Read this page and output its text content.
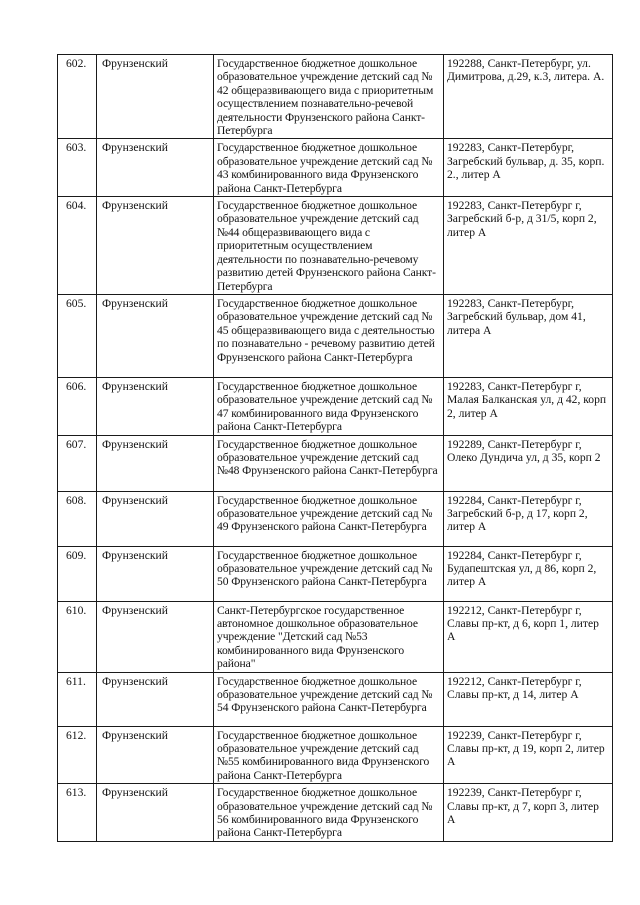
602.	Фрунзенский	Государственное бюджетное дошкольное образовательное учреждение детский сад № 42 общеразвивающего вида с приоритетным осуществлением познавательно-речевой деятельности Фрунзенского района Санкт-Петербурга	192288, Санкт-Петербург, ул. Димитрова, д.29, к.3, литера. А.
603.	Фрунзенский	Государственное бюджетное дошкольное образовательное учреждение детский сад № 43 комбинированного вида Фрунзенского района Санкт-Петербурга	192283, Санкт-Петербург, Загребский бульвар, д. 35, корп. 2., литер А
604.	Фрунзенский	Государственное бюджетное дошкольное образовательное учреждение детский сад №44 общеразвивающего вида с приоритетным осуществлением деятельности по познавательно-речевому развитию детей Фрунзенского района Санкт-Петербурга	192283, Санкт-Петербург г, Загребский б-р, д 31/5, корп 2, литер А
605.	Фрунзенский	Государственное бюджетное дошкольное образовательное учреждение детский сад № 45 общеразвивающего вида с деятельностью по познавательно - речевому развитию детей Фрунзенского района Санкт-Петербурга	192283, Санкт-Петербург, Загребский бульвар, дом 41, литера А
606.	Фрунзенский	Государственное бюджетное дошкольное образовательное учреждение детский сад № 47 комбинированного вида Фрунзенского района Санкт-Петербурга	192283, Санкт-Петербург г, Малая Балканская ул, д 42, корп 2, литер А
607.	Фрунзенский	Государственное бюджетное дошкольное образовательное учреждение детский сад №48 Фрунзенского района Санкт-Петербурга	192289, Санкт-Петербург г, Олеко Дундича ул, д 35, корп 2
608.	Фрунзенский	Государственное бюджетное дошкольное образовательное учреждение детский сад № 49 Фрунзенского района Санкт-Петербурга	192284, Санкт-Петербург г, Загребский б-р, д 17, корп 2, литер А
609.	Фрунзенский	Государственное бюджетное дошкольное образовательное учреждение детский сад № 50 Фрунзенского района Санкт-Петербурга	192284, Санкт-Петербург г, Будапештская ул, д 86, корп 2, литер А
610.	Фрунзенский	Санкт-Петербургское государственное автономное дошкольное образовательное учреждение "Детский сад №53 комбинированного вида Фрунзенского района"	192212, Санкт-Петербург г, Славы пр-кт, д 6, корп 1, литер А
611.	Фрунзенский	Государственное бюджетное дошкольное образовательное учреждение детский сад № 54 Фрунзенского района Санкт-Петербурга	192212, Санкт-Петербург г, Славы пр-кт, д 14, литер А
612.	Фрунзенский	Государственное бюджетное дошкольное образовательное учреждение детский сад №55 комбинированного вида Фрунзенского района Санкт-Петербурга	192239, Санкт-Петербург г, Славы пр-кт, д 19, корп 2, литер А
613.	Фрунзенский	Государственное бюджетное дошкольное образовательное учреждение детский сад № 56 комбинированного вида Фрунзенского района Санкт-Петербурга	192239, Санкт-Петербург г, Славы пр-кт, д 7, корп 3, литер А
